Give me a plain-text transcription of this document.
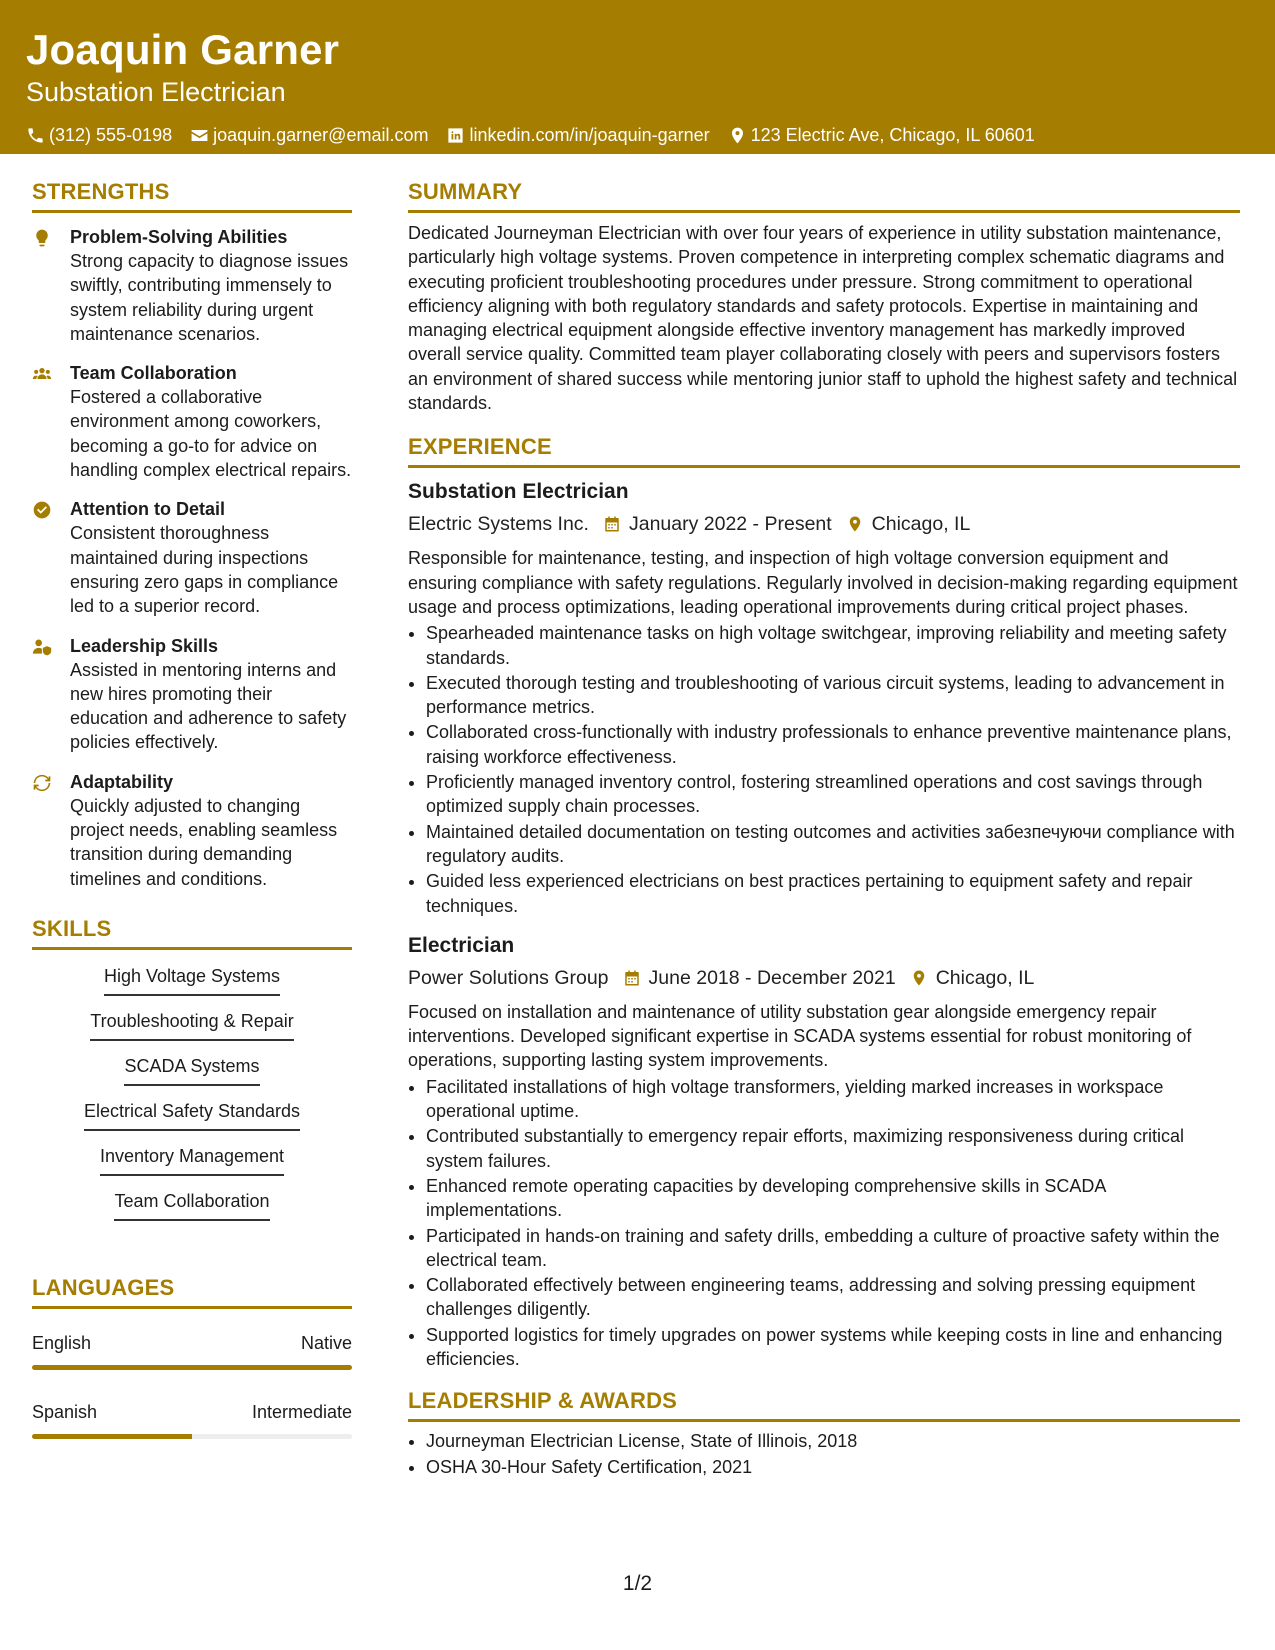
Joaquin Garner
Substation Electrician
(312) 555-0198 joaquin.garner@email.com linkedin.com/in/joaquin-garner 123 Electric Ave, Chicago, IL 60601
STRENGTHS
Problem-Solving Abilities
Strong capacity to diagnose issues swiftly, contributing immensely to system reliability during urgent maintenance scenarios.
Team Collaboration
Fostered a collaborative environment among coworkers, becoming a go-to for advice on handling complex electrical repairs.
Attention to Detail
Consistent thoroughness maintained during inspections ensuring zero gaps in compliance led to a superior record.
Leadership Skills
Assisted in mentoring interns and new hires promoting their education and adherence to safety policies effectively.
Adaptability
Quickly adjusted to changing project needs, enabling seamless transition during demanding timelines and conditions.
SKILLS
High Voltage Systems
Troubleshooting & Repair
SCADA Systems
Electrical Safety Standards
Inventory Management
Team Collaboration
LANGUAGES
English	Native
Spanish	Intermediate
SUMMARY
Dedicated Journeyman Electrician with over four years of experience in utility substation maintenance, particularly high voltage systems. Proven competence in interpreting complex schematic diagrams and executing proficient troubleshooting procedures under pressure. Strong commitment to operational efficiency aligning with both regulatory standards and safety protocols. Expertise in maintaining and managing electrical equipment alongside effective inventory management has markedly improved overall service quality. Committed team player collaborating closely with peers and supervisors fosters an environment of shared success while mentoring junior staff to uphold the highest safety and technical standards.
EXPERIENCE
Substation Electrician
Electric Systems Inc. January 2022 - Present Chicago, IL
Responsible for maintenance, testing, and inspection of high voltage conversion equipment and ensuring compliance with safety regulations. Regularly involved in decision-making regarding equipment usage and process optimizations, leading operational improvements during critical project phases.
• Spearheaded maintenance tasks on high voltage switchgear, improving reliability and meeting safety standards.
• Executed thorough testing and troubleshooting of various circuit systems, leading to advancement in performance metrics.
• Collaborated cross-functionally with industry professionals to enhance preventive maintenance plans, raising workforce effectiveness.
• Proficiently managed inventory control, fostering streamlined operations and cost savings through optimized supply chain processes.
• Maintained detailed documentation on testing outcomes and activities забезпечуючи compliance with regulatory audits.
• Guided less experienced electricians on best practices pertaining to equipment safety and repair techniques.
Electrician
Power Solutions Group June 2018 - December 2021 Chicago, IL
Focused on installation and maintenance of utility substation gear alongside emergency repair interventions. Developed significant expertise in SCADA systems essential for robust monitoring of operations, supporting lasting system improvements.
• Facilitated installations of high voltage transformers, yielding marked increases in workspace operational uptime.
• Contributed substantially to emergency repair efforts, maximizing responsiveness during critical system failures.
• Enhanced remote operating capacities by developing comprehensive skills in SCADA implementations.
• Participated in hands-on training and safety drills, embedding a culture of proactive safety within the electrical team.
• Collaborated effectively between engineering teams, addressing and solving pressing equipment challenges diligently.
• Supported logistics for timely upgrades on power systems while keeping costs in line and enhancing efficiencies.
LEADERSHIP & AWARDS
• Journeyman Electrician License, State of Illinois, 2018
• OSHA 30-Hour Safety Certification, 2021
1/2
